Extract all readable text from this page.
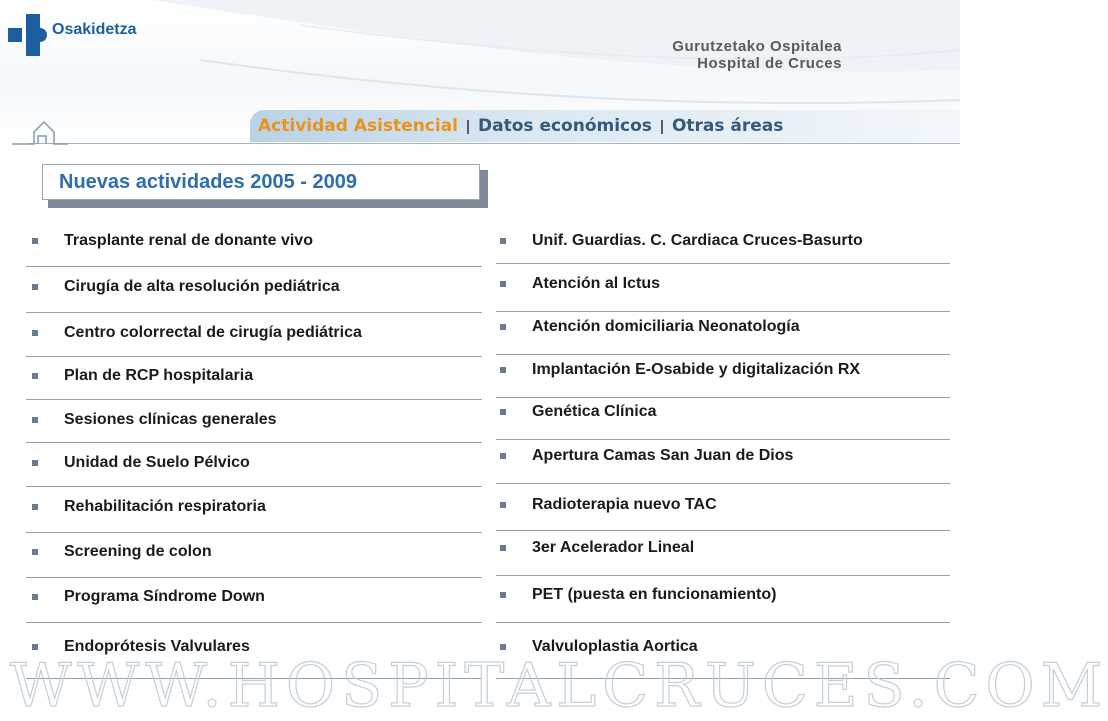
Osakidetza
Gurutzetako Ospitalea
Hospital de Cruces
Actividad Asistencial Datos económicos Otras áreas
Nuevas actividades 2005 - 2009
Trasplante renal de donante vivo
Cirugía de alta resolución pediátrica
Centro colorrectal de cirugía pediátrica
Plan de RCP hospitalaria
Sesiones clínicas generales
Unidad de Suelo Pélvico
Rehabilitación respiratoria
Screening de colon
Programa Síndrome Down
Endoprótesis Valvulares
Unif. Guardias. C. Cardiaca Cruces-Basurto
Atención al Ictus
Atención domiciliaria Neonatología
Implantación E-Osabide y digitalización RX
Genética Clínica
Apertura Camas San Juan de Dios
Radioterapia nuevo TAC
3er Acelerador Lineal
PET (puesta en funcionamiento)
Valvuloplastia Aortica
WWW.HOSPITALCRUCES.COM
